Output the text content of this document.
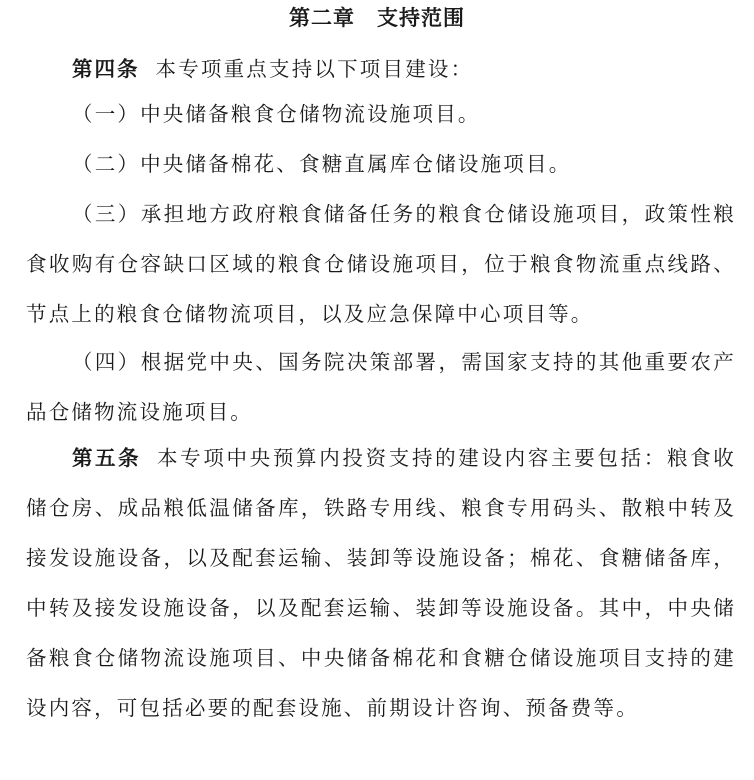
第二章　支持范围

第四条 本专项重点支持以下项目建设：

（一）中央储备粮食仓储物流设施项目。

（二）中央储备棉花、食糖直属库仓储设施项目。

（三）承担地方政府粮食储备任务的粮食仓储设施项目，政策性粮食收购有仓容缺口区域的粮食仓储设施项目，位于粮食物流重点线路、节点上的粮食仓储物流项目，以及应急保障中心项目等。

（四）根据党中央、国务院决策部署，需国家支持的其他重要农产品仓储物流设施项目。

第五条 本专项中央预算内投资支持的建设内容主要包括：粮食收储仓房、成品粮低温储备库，铁路专用线、粮食专用码头、散粮中转及接发设施设备，以及配套运输、装卸等设施设备；棉花、食糖储备库，中转及接发设施设备，以及配套运输、装卸等设施设备。其中，中央储备粮食仓储物流设施项目、中央储备棉花和食糖仓储设施项目支持的建设内容，可包括必要的配套设施、前期设计咨询、预备费等。
